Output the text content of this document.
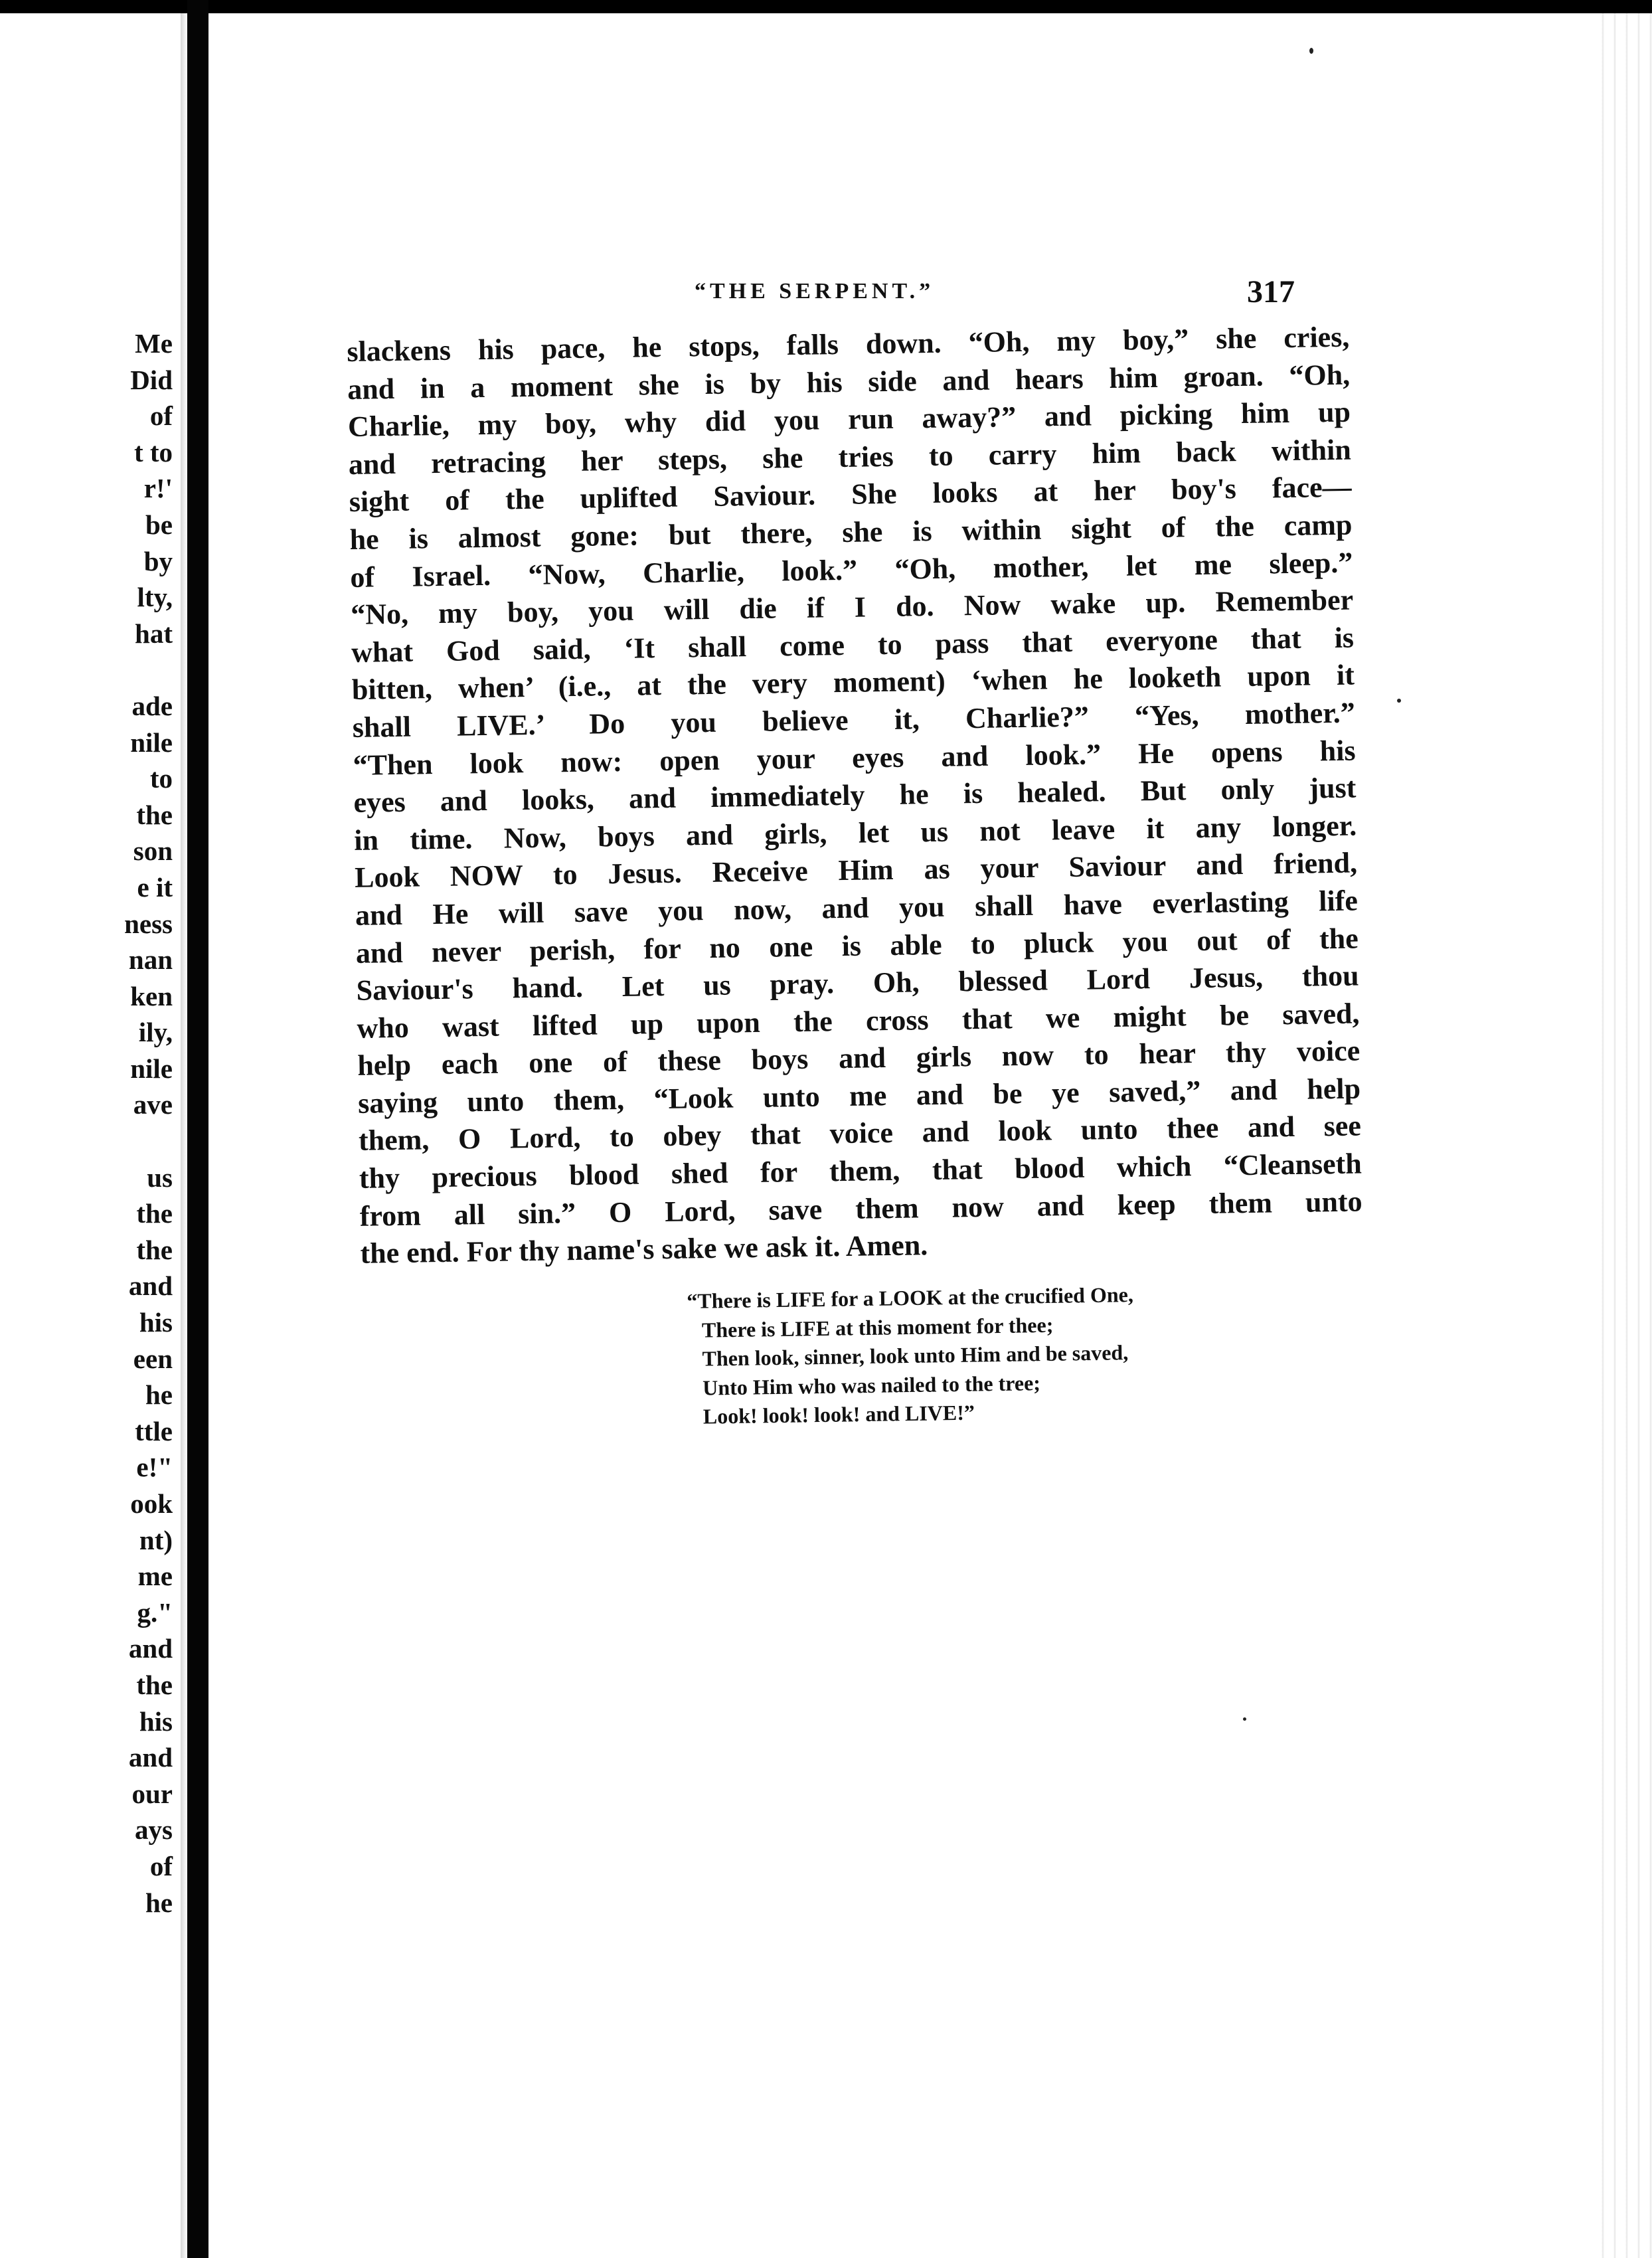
Me
Did
of
t to
r!'
be
by
lty,
hat

ade
nile
to
the
son
e it
ness
nan
ken
ily,
nile
ave

us
the
the
and
his
een
he
ttle
e!"
ook
nt)
me
g."
and
the
his
and
our
ays
of
he
“THE SERPENT.”	317
slackens his pace, he stops, falls down. “Oh, my boy,” she cries,
and in a moment she is by his side and hears him groan. “Oh,
Charlie, my boy, why did you run away?” and picking him up
and retracing her steps, she tries to carry him back within
sight of the uplifted Saviour. She looks at her boy's face—
he is almost gone: but there, she is within sight of the camp
of Israel. “Now, Charlie, look.” “Oh, mother, let me sleep.”
“No, my boy, you will die if I do. Now wake up. Remember
what God said, ‘It shall come to pass that everyone that is
bitten, when’ (i.e., at the very moment) ‘when he looketh upon it
shall LIVE.’ Do you believe it, Charlie?” “Yes, mother.”
“Then look now: open your eyes and look.” He opens his
eyes and looks, and immediately he is healed. But only just
in time. Now, boys and girls, let us not leave it any longer.
Look NOW to Jesus. Receive Him as your Saviour and friend,
and He will save you now, and you shall have everlasting life
and never perish, for no one is able to pluck you out of the
Saviour's hand. Let us pray. Oh, blessed Lord Jesus, thou
who wast lifted up upon the cross that we might be saved,
help each one of these boys and girls now to hear thy voice
saying unto them, “Look unto me and be ye saved,” and help
them, O Lord, to obey that voice and look unto thee and see
thy precious blood shed for them, that blood which “Cleanseth
from all sin.” O Lord, save them now and keep them unto
the end. For thy name's sake we ask it. Amen.
“There is LIFE for a LOOK at the crucified One,
There is LIFE at this moment for thee;
Then look, sinner, look unto Him and be saved,
Unto Him who was nailed to the tree;
Look! look! look! and LIVE!”
